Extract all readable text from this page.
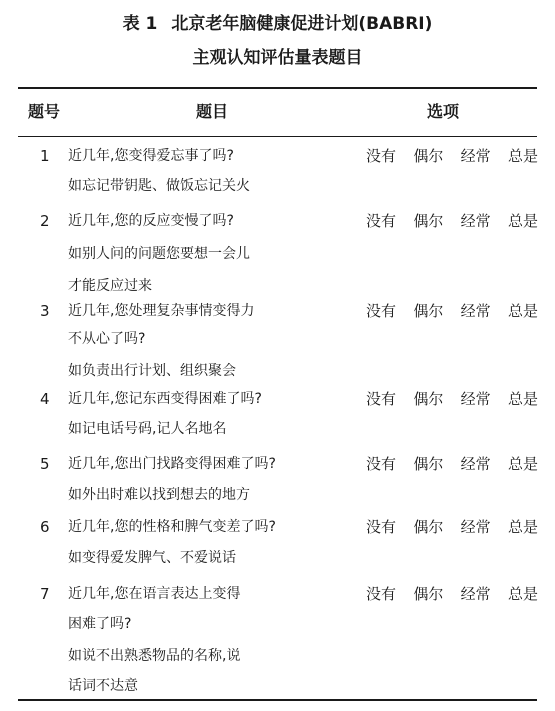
表 1 北京老年脑健康促进计划(BABRI)
主观认知评估量表题目
题号	题目	选项
1 近几年,您变得爱忘事了吗?
如忘记带钥匙、做饭忘记关火
没有 偶尔 经常 总是
2 近几年,您的反应变慢了吗?
如别人问的问题您要想一会儿
才能反应过来
没有 偶尔 经常 总是
3 近几年,您处理复杂事情变得力
不从心了吗?
如负责出行计划、组织聚会
没有 偶尔 经常 总是
4 近几年,您记东西变得困难了吗?
如记电话号码,记人名地名
没有 偶尔 经常 总是
5 近几年,您出门找路变得困难了吗?
如外出时难以找到想去的地方
没有 偶尔 经常 总是
6 近几年,您的性格和脾气变差了吗?
如变得爱发脾气、不爱说话
没有 偶尔 经常 总是
7 近几年,您在语言表达上变得
困难了吗?
如说不出熟悉物品的名称,说
话词不达意
没有 偶尔 经常 总是
